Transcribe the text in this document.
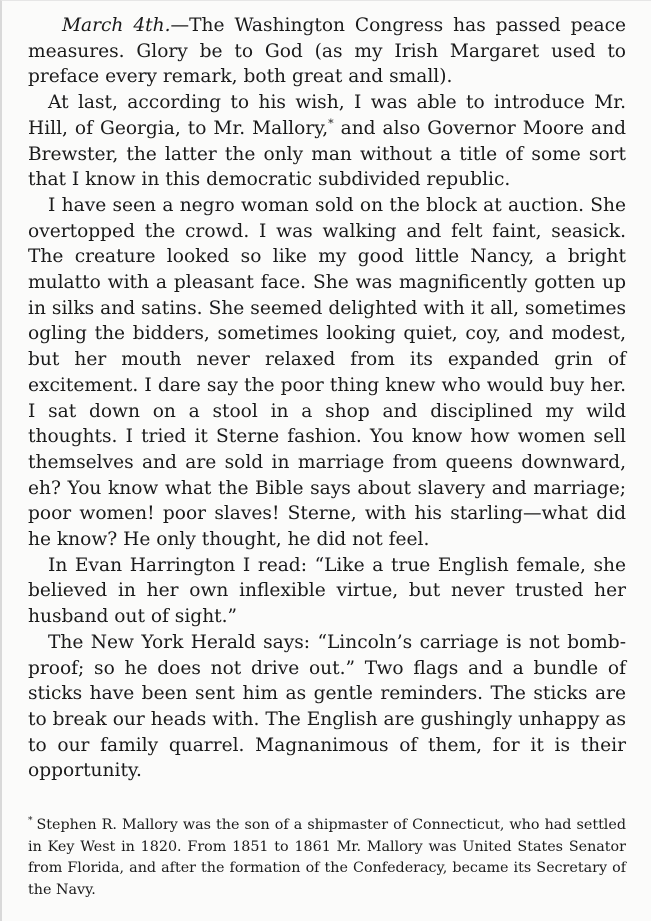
March 4th.—The Washington Congress has passed peace measures. Glory be to God (as my Irish Margaret used to preface every remark, both great and small).

At last, according to his wish, I was able to introduce Mr. Hill, of Georgia, to Mr. Mallory,* and also Governor Moore and Brewster, the latter the only man without a title of some sort that I know in this democratic subdivided republic.

I have seen a negro woman sold on the block at auction. She overtopped the crowd. I was walking and felt faint, seasick. The creature looked so like my good little Nancy, a bright mulatto with a pleasant face. She was magnificently gotten up in silks and satins. She seemed delighted with it all, sometimes ogling the bidders, sometimes looking quiet, coy, and modest, but her mouth never relaxed from its expanded grin of excitement. I dare say the poor thing knew who would buy her. I sat down on a stool in a shop and disciplined my wild thoughts. I tried it Sterne fashion. You know how women sell themselves and are sold in marriage from queens downward, eh? You know what the Bible says about slavery and marriage; poor women! poor slaves! Sterne, with his starling—what did he know? He only thought, he did not feel.

In Evan Harrington I read: “Like a true English female, she believed in her own inflexible virtue, but never trusted her husband out of sight.”

The New York Herald says: “Lincoln’s carriage is not bomb-proof; so he does not drive out.” Two flags and a bundle of sticks have been sent him as gentle reminders. The sticks are to break our heads with. The English are gushingly unhappy as to our family quarrel. Magnanimous of them, for it is their opportunity.

* Stephen R. Mallory was the son of a shipmaster of Connecticut, who had settled in Key West in 1820. From 1851 to 1861 Mr. Mallory was United States Senator from Florida, and after the formation of the Confederacy, became its Secretary of the Navy.
